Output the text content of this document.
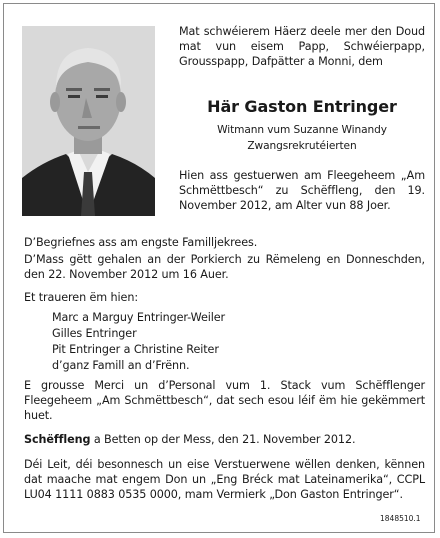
Mat schwéierem Häerz deele mer den Doud mat vun eisem Papp, Schwéierpapp, Grousspapp, Dafpätter a Monni, dem

Här Gaston Entringer

Witmann vum Suzanne Winandy

Zwangsrekrutéierten

Hien ass gestuerwen am Fleegeheem „Am Schmëttbesch“ zu Schëffleng, den 19. November 2012, am Alter vun 88 Joer.

D’Begriefnes ass am engste Familljekrees.

D’Mass gëtt gehalen an der Porkierch zu Rëmeleng en Donneschden, den 22. November 2012 um 16 Auer.

Et traueren ëm hien:

Marc a Marguy Entringer-Weiler

Gilles Entringer

Pit Entringer a Christine Reiter

d’ganz Famill an d’Frënn.

E grousse Merci un d’Personal vum 1. Stack vum Schëfflenger Fleegeheem „Am Schmëttbesch“, dat sech esou léif ëm hie gekëmmert huet.

Schëffleng a Betten op der Mess, den 21. November 2012.

Déi Leit, déi besonnesch un eise Verstuerwene wëllen denken, kënnen dat maache mat engem Don un „Eng Bréck mat Lateinamerika“, CCPL LU04 1111 0883 0535 0000, mam Vermierk „Don Gaston Entringer“.

1848510.1
